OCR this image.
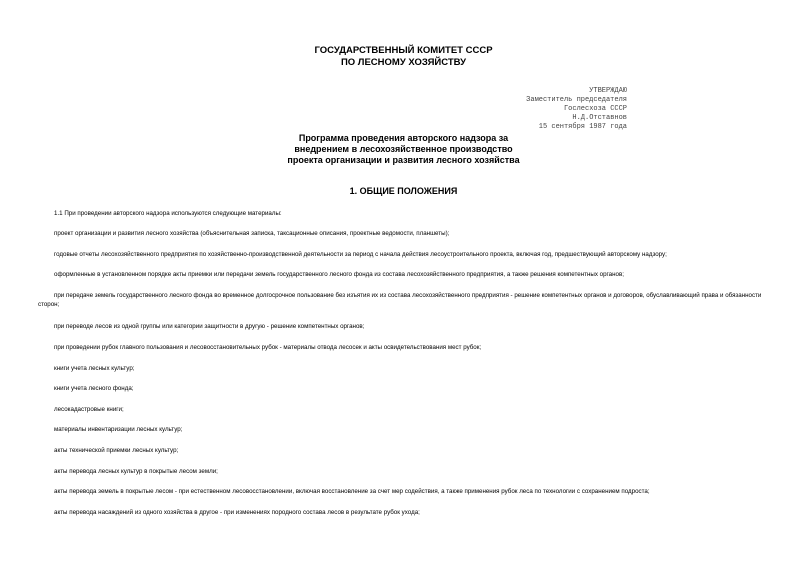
ГОСУДАРСТВЕННЫЙ КОМИТЕТ СССР
ПО ЛЕСНОМУ ХОЗЯЙСТВУ
УТВЕРЖДАЮ
Заместитель председателя
Гослесхоза СССР
Н.Д.Отставнов
15 сентября 1987 года
Программа проведения авторского надзора за
внедрением в лесохозяйственное производство
проекта организации и развития лесного хозяйства
1. ОБЩИЕ ПОЛОЖЕНИЯ
1.1 При проведении авторского надзора используются следующие материалы:
проект организации и развития лесного хозяйства (объяснительная записка, таксационные описания, проектные ведомости, планшеты);
годовые отчеты лесохозяйственного предприятия по хозяйственно-производственной деятельности за период с начала действия лесоустроительного проекта, включая год, предшествующий авторскому надзору;
оформленные в установленном порядке акты приемки или передачи земель государственного лесного фонда из состава лесохозяйственного предприятия, а также решения компетентных органов;
при передаче земель государственного лесного фонда во временное долгосрочное пользование без изъятия их из состава лесохозяйственного предприятия - решение компетентных органов и договоров, обуславливающий права и обязанности сторон;
при переводе лесов из одной группы или категории защитности в другую - решение компетентных органов;
при проведении рубок главного пользования и лесовосстановительных рубок - материалы отвода лесосек и акты освидетельствования мест рубок;
книги учета лесных культур;
книги учета лесного фонда;
лесокадастровые книги;
материалы инвентаризации лесных культур;
акты технической приемки лесных культур;
акты перевода лесных культур в покрытые лесом земли;
акты перевода земель в покрытые лесом - при естественном лесовосстановлении, включая восстановление за счет мер содействия, а также применения рубок леса по технологии с сохранением подроста;
акты перевода насаждений из одного хозяйства в другое - при изменениях породного состава лесов в результате рубок ухода;
